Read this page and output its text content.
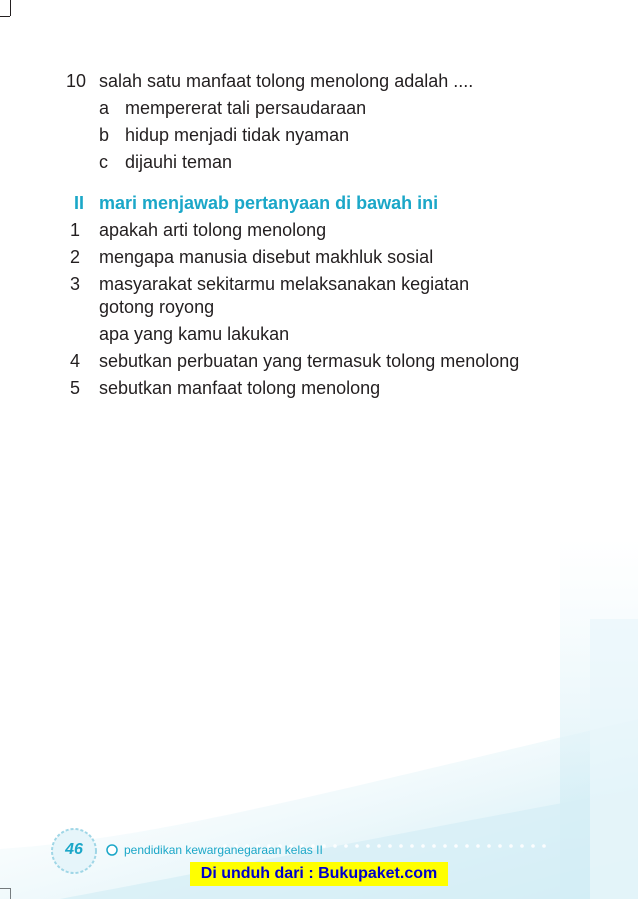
10 salah satu manfaat tolong menolong adalah ....
a mempererat tali persaudaraan
b hidup menjadi tidak nyaman
c dijauhi teman
II mari menjawab pertanyaan di bawah ini
1 apakah arti tolong menolong
2 mengapa manusia disebut makhluk sosial
3 masyarakat sekitarmu melaksanakan kegiatan
gotong royong
apa yang kamu lakukan
4 sebutkan perbuatan yang termasuk tolong menolong
5 sebutkan manfaat tolong menolong
46	pendidikan kewarganegaraan kelas II
Di unduh dari : Bukupaket.com
